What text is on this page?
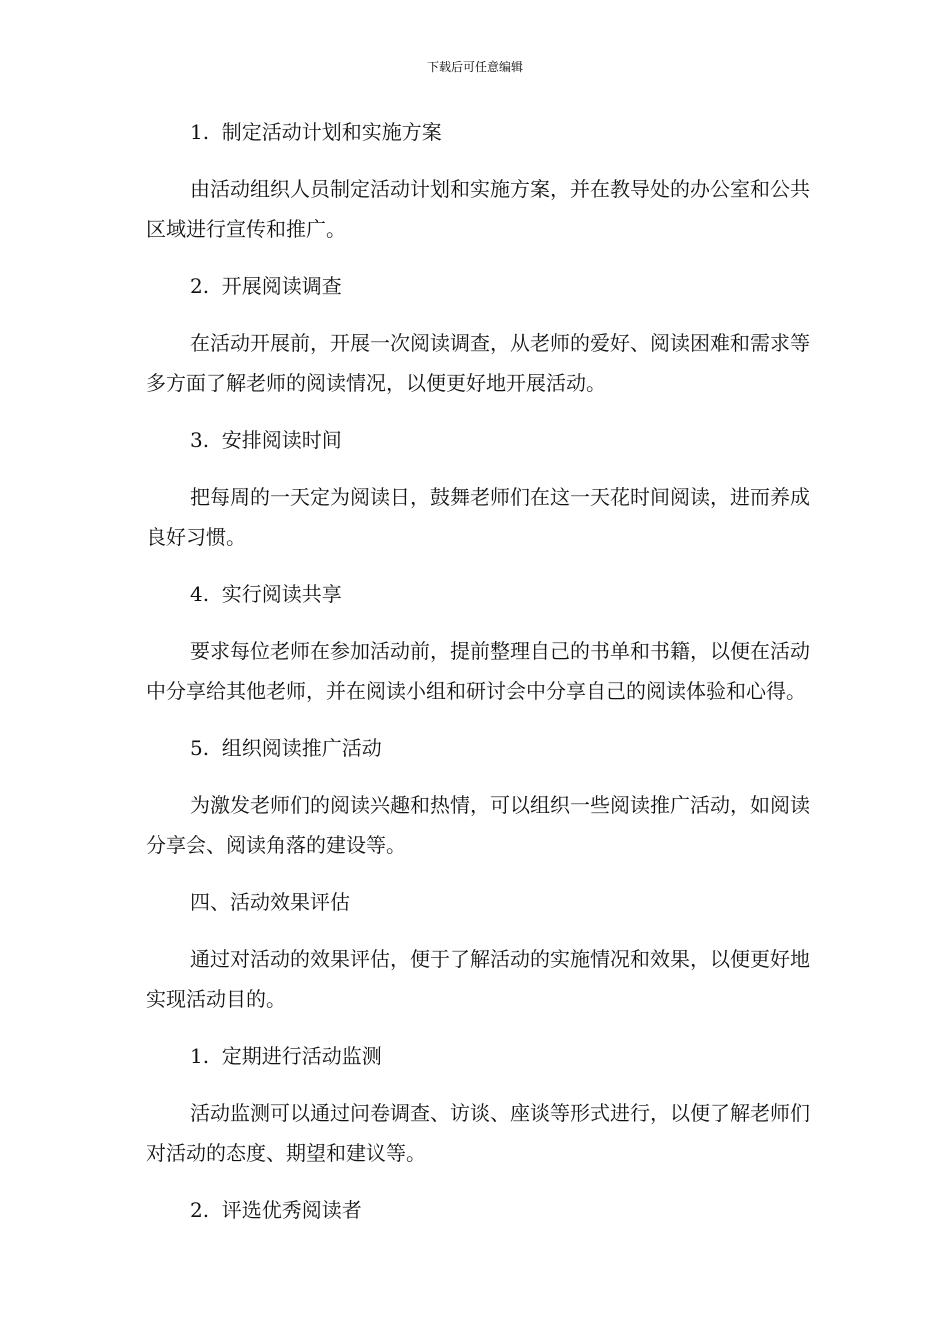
下载后可任意编辑

1.  制定活动计划和实施方案

由活动组织人员制定活动计划和实施方案，并在教导处的办公室和公共区域进行宣传和推广。

2.  开展阅读调查

在活动开展前，开展一次阅读调查，从老师的爱好、阅读困难和需求等多方面了解老师的阅读情况，以便更好地开展活动。

3.  安排阅读时间

把每周的一天定为阅读日，鼓舞老师们在这一天花时间阅读，进而养成良好习惯。

4.  实行阅读共享

要求每位老师在参加活动前，提前整理自己的书单和书籍，以便在活动中分享给其他老师，并在阅读小组和研讨会中分享自己的阅读体验和心得。

5.  组织阅读推广活动

为激发老师们的阅读兴趣和热情，可以组织一些阅读推广活动，如阅读分享会、阅读角落的建设等。

四、活动效果评估

通过对活动的效果评估，便于了解活动的实施情况和效果，以便更好地实现活动目的。

1.  定期进行活动监测

活动监测可以通过问卷调查、访谈、座谈等形式进行，以便了解老师们对活动的态度、期望和建议等。

2.  评选优秀阅读者
